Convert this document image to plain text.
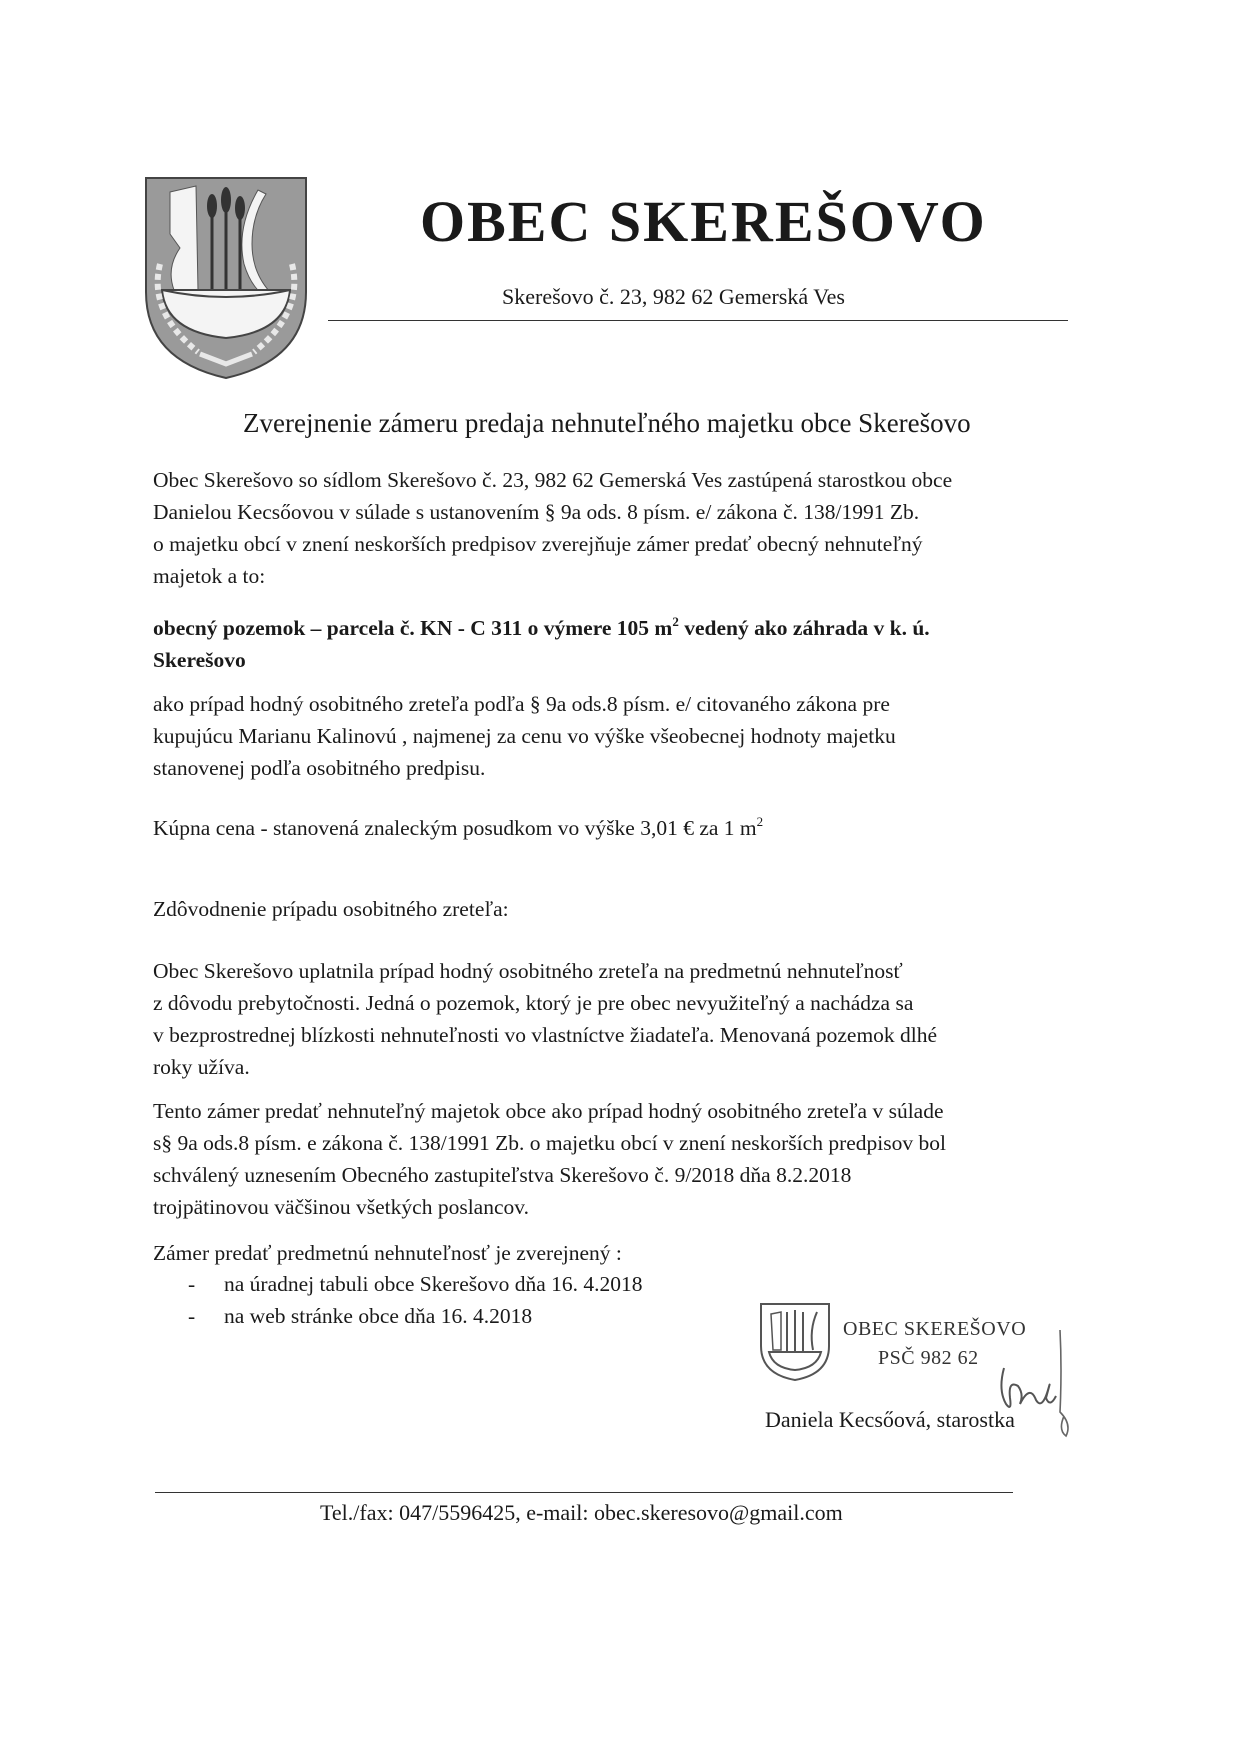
OBEC SKEREŠOVO
Skerešovo č. 23, 982 62 Gemerská Ves
Zverejnenie zámeru predaja nehnuteľného majetku obce Skerešovo
Obec Skerešovo so sídlom Skerešovo č. 23, 982 62 Gemerská Ves zastúpená starostkou obce
Danielou Kecsőovou v súlade s ustanovením § 9a ods. 8 písm. e/ zákona č. 138/1991 Zb.
o majetku obcí v znení neskorších predpisov zverejňuje zámer predať obecný nehnuteľný
majetok a to:
obecný pozemok – parcela č. KN - C 311 o výmere 105 $m^2$ vedený ako záhrada v k. ú.
Skerešovo
ako prípad hodný osobitného zreteľa podľa § 9a ods.8 písm. e/ citovaného zákona pre
kupujúcu Marianu Kalinovú , najmenej za cenu vo výške všeobecnej hodnoty majetku
stanovenej podľa osobitného predpisu.
Kúpna cena - stanovená znaleckým posudkom vo výške 3,01 € za 1 $m^2$
Zdôvodnenie prípadu osobitného zreteľa:
Obec Skerešovo uplatnila prípad hodný osobitného zreteľa na predmetnú nehnuteľnosť
z dôvodu prebytočnosti. Jedná o pozemok, ktorý je pre obec nevyužiteľný a nachádza sa
v bezprostrednej blízkosti nehnuteľnosti vo vlastníctve žiadateľa. Menovaná pozemok dlhé
roky užíva.
Tento zámer predať nehnuteľný majetok obce ako prípad hodný osobitného zreteľa v súlade
s§ 9a ods.8 písm. e zákona č. 138/1991 Zb. o majetku obcí v znení neskorších predpisov bol
schválený uznesením Obecného zastupiteľstva Skerešovo č. 9/2018 dňa 8.2.2018
trojpätinovou väčšinou všetkých poslancov.
Zámer predať predmetnú nehnuteľnosť je zverejnený :
- na úradnej tabuli obce Skerešovo dňa 16. 4.2018
- na web stránke obce dňa 16. 4.2018
OBEC SKEREŠOVO
PSČ 982 62
Daniela Kecsőová, starostka
Tel./fax: 047/5596425, e-mail: obec.skeresovo@gmail.com
